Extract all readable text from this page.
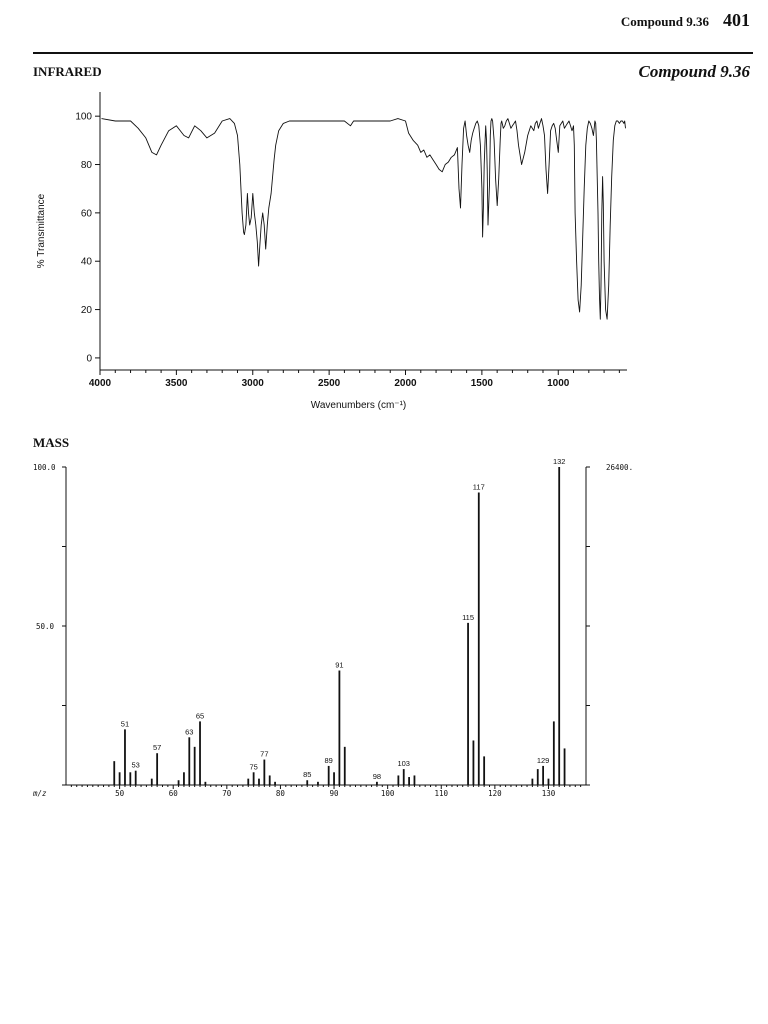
Compound 9.36 401
INFRARED	Compound 9.36
MASS
0
20
40
60
80
100
4000	3500	3000	2500	2000	1500	1000
% Transmittance
Wavenumbers (cm⁻¹)
100.0
50.0
26400.
50	60	70	80	90	100	110	120	130
m/z
51
53
57
63
65
75
77
85
89
91
98
103
115
117
129
132
